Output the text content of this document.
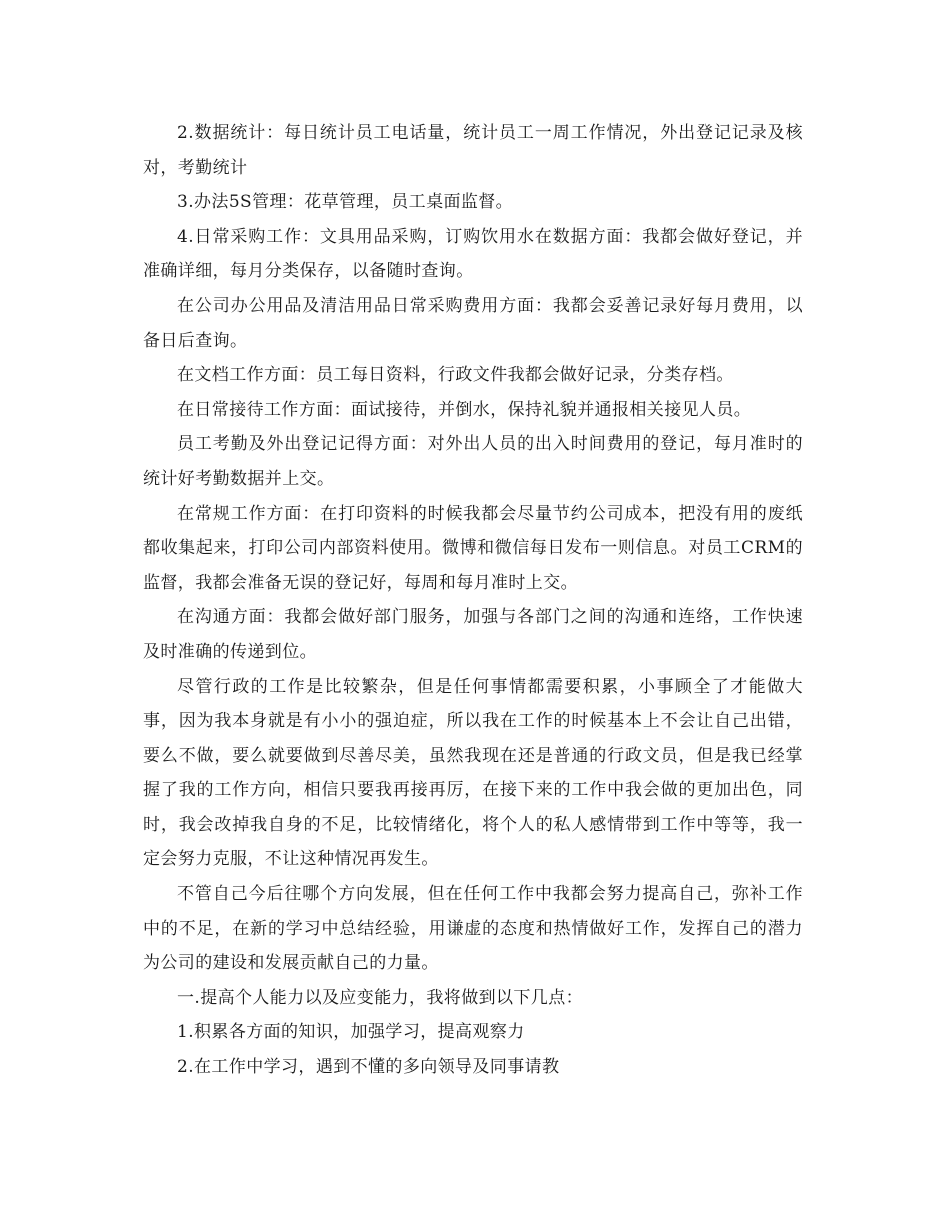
2.数据统计：每日统计员工电话量，统计员工一周工作情况，外出登记记录及核对，考勤统计

3.办法5S管理：花草管理，员工桌面监督。

4.日常采购工作：文具用品采购，订购饮用水在数据方面：我都会做好登记，并准确详细，每月分类保存，以备随时查询。

在公司办公用品及清洁用品日常采购费用方面：我都会妥善记录好每月费用，以备日后查询。

在文档工作方面：员工每日资料，行政文件我都会做好记录，分类存档。

在日常接待工作方面：面试接待，并倒水，保持礼貌并通报相关接见人员。

员工考勤及外出登记记得方面：对外出人员的出入时间费用的登记，每月准时的统计好考勤数据并上交。

在常规工作方面：在打印资料的时候我都会尽量节约公司成本，把没有用的废纸都收集起来，打印公司内部资料使用。微博和微信每日发布一则信息。对员工CRM的监督，我都会准备无误的登记好，每周和每月准时上交。

在沟通方面：我都会做好部门服务，加强与各部门之间的沟通和连络，工作快速及时准确的传递到位。

尽管行政的工作是比较繁杂，但是任何事情都需要积累，小事顾全了才能做大事，因为我本身就是有小小的强迫症，所以我在工作的时候基本上不会让自己出错，要么不做，要么就要做到尽善尽美，虽然我现在还是普通的行政文员，但是我已经掌握了我的工作方向，相信只要我再接再厉，在接下来的工作中我会做的更加出色，同时，我会改掉我自身的不足，比较情绪化，将个人的私人感情带到工作中等等，我一定会努力克服，不让这种情况再发生。

不管自己今后往哪个方向发展，但在任何工作中我都会努力提高自己，弥补工作中的不足，在新的学习中总结经验，用谦虚的态度和热情做好工作，发挥自己的潜力为公司的建设和发展贡献自己的力量。

一.提高个人能力以及应变能力，我将做到以下几点：

1.积累各方面的知识，加强学习，提高观察力

2.在工作中学习，遇到不懂的多向领导及同事请教
